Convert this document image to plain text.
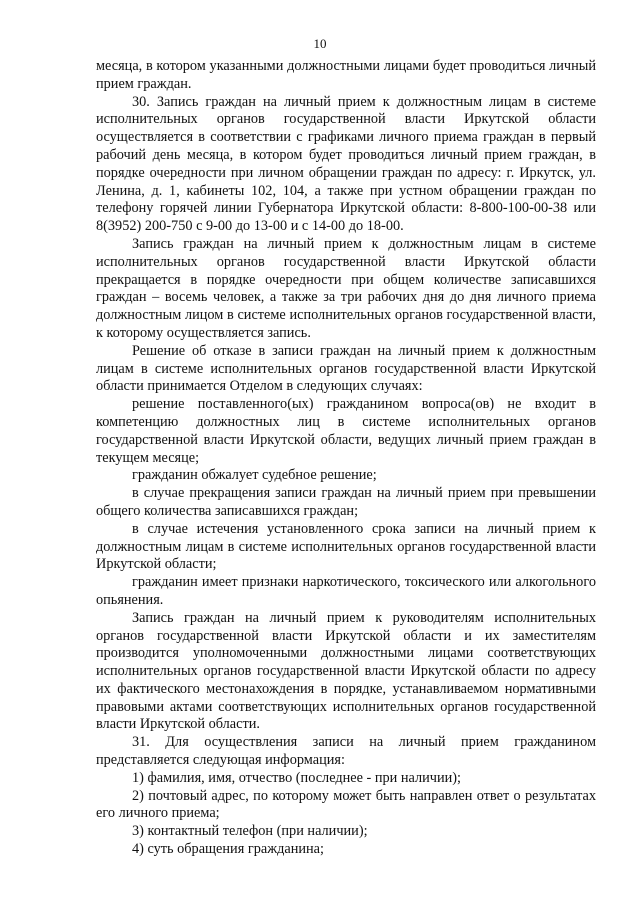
10

месяца, в котором указанными должностными лицами будет проводиться личный прием граждан.

30. Запись граждан на личный прием к должностным лицам в системе исполнительных органов государственной власти Иркутской области осуществляется в соответствии с графиками личного приема граждан в первый рабочий день месяца, в котором будет проводиться личный прием граждан, в порядке очередности при личном обращении граждан по адресу: г. Иркутск, ул. Ленина, д. 1, кабинеты 102, 104, а также при устном обращении граждан по телефону горячей линии Губернатора Иркутской области: 8-800-100-00-38 или 8(3952) 200-750 с 9-00 до 13-00 и с 14-00 до 18-00.

Запись граждан на личный прием к должностным лицам в системе исполнительных органов государственной власти Иркутской области прекращается в порядке очередности при общем количестве записавшихся граждан – восемь человек, а также за три рабочих дня до дня личного приема должностным лицом в системе исполнительных органов государственной власти, к которому осуществляется запись.

Решение об отказе в записи граждан на личный прием к должностным лицам в системе исполнительных органов государственной власти Иркутской области принимается Отделом в следующих случаях:

решение поставленного(ых) гражданином вопроса(ов) не входит в компетенцию должностных лиц в системе исполнительных органов государственной власти Иркутской области, ведущих личный прием граждан в текущем месяце;

гражданин обжалует судебное решение;

в случае прекращения записи граждан на личный прием при превышении общего количества записавшихся граждан;

в случае истечения установленного срока записи на личный прием к должностным лицам в системе исполнительных органов государственной власти Иркутской области;

гражданин имеет признаки наркотического, токсического или алкогольного опьянения.

Запись граждан на личный прием к руководителям исполнительных органов государственной власти Иркутской области и их заместителям производится уполномоченными должностными лицами соответствующих исполнительных органов государственной власти Иркутской области по адресу их фактического местонахождения в порядке, устанавливаемом нормативными правовыми актами соответствующих исполнительных органов государственной власти Иркутской области.

31. Для осуществления записи на личный прием гражданином представляется следующая информация:

1) фамилия, имя, отчество (последнее - при наличии);

2) почтовый адрес, по которому может быть направлен ответ о результатах его личного приема;

3) контактный телефон (при наличии);

4) суть обращения гражданина;
